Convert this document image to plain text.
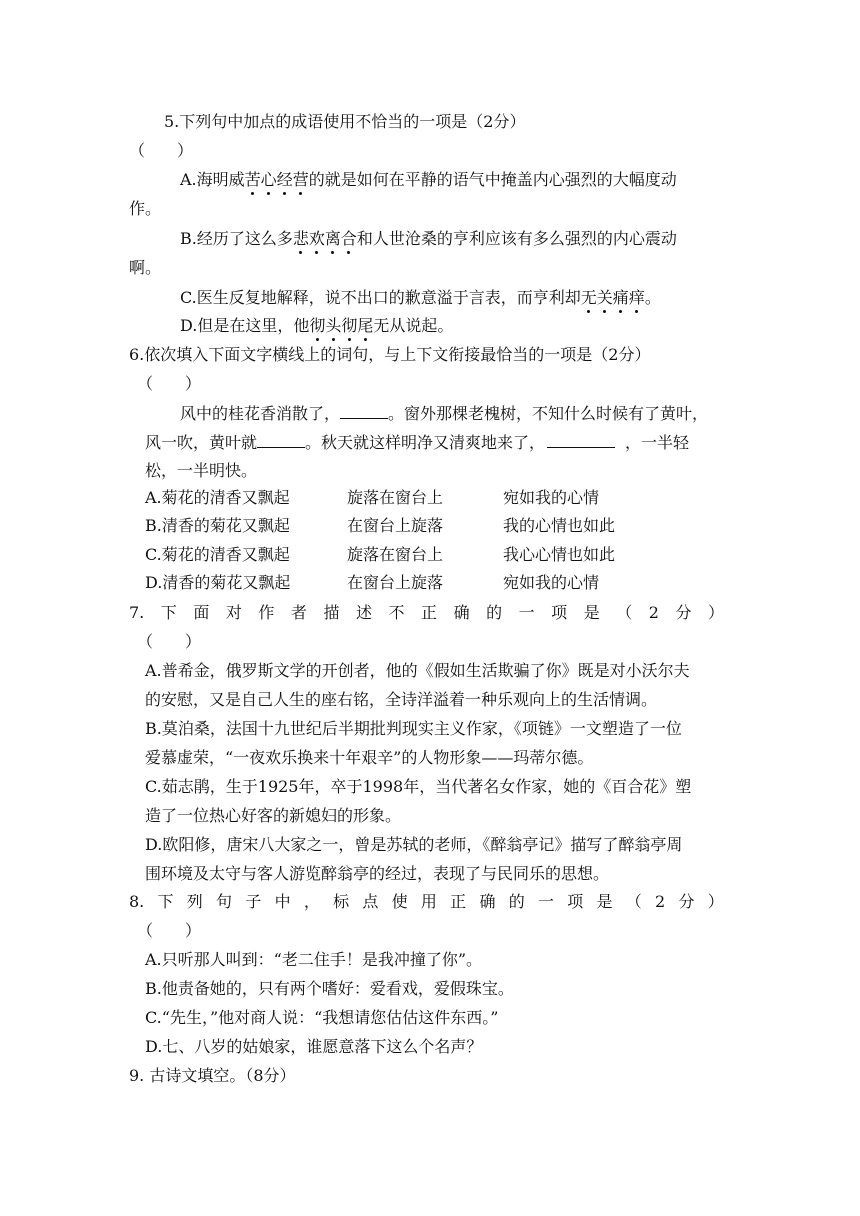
5.下列句中加点的成语使用不恰当的一项是（2分）
（　　）
A.海明威苦心经营的就是如何在平静的语气中掩盖内心强烈的大幅度动
作。
B.经历了这么多悲欢离合和人世沧桑的亨利应该有多么强烈的内心震动
啊。
C.医生反复地解释，说不出口的歉意溢于言表，而亨利却无关痛痒。
D.但是在这里，他彻头彻尾无从说起。
6.依次填入下面文字横线上的词句，与上下文衔接最恰当的一项是（2分）
（　　）
风中的桂花香消散了，	。窗外那棵老槐树，不知什么时候有了黄叶，
风一吹，黄叶就	。秋天就这样明净又清爽地来了，	，一半轻
松，一半明快。
A.菊花的清香又飘起	旋落在窗台上	宛如我的心情
B.清香的菊花又飘起	在窗台上旋落	我的心情也如此
C.菊花的清香又飘起	旋落在窗台上	我心心情也如此
D.清香的菊花又飘起	在窗台上旋落	宛如我的心情
7. 下 面 对 作 者 描 述 不 正 确 的 一 项 是 （ 2 分 ）
（　　）
A.普希金，俄罗斯文学的开创者，他的《假如生活欺骗了你》既是对小沃尔夫
的安慰，又是自己人生的座右铭，全诗洋溢着一种乐观向上的生活情调。
B.莫泊桑，法国十九世纪后半期批判现实主义作家，《项链》一文塑造了一位
爱慕虚荣，“一夜欢乐换来十年艰辛”的人物形象——玛蒂尔德。
C.茹志鹃，生于1925年，卒于1998年，当代著名女作家，她的《百合花》塑
造了一位热心好客的新媳妇的形象。
D.欧阳修，唐宋八大家之一，曾是苏轼的老师，《醉翁亭记》描写了醉翁亭周
围环境及太守与客人游览醉翁亭的经过，表现了与民同乐的思想。
8. 下 列 句 子 中 ， 标 点 使 用 正 确 的 一 项 是 （ 2 分 ）
（　　）
A.只听那人叫到：“老二住手！是我冲撞了你”。
B.他责备她的，只有两个嗜好：爱看戏，爱假珠宝。
C.“先生，”他对商人说：“我想请您估估这件东西。”
D.七、八岁的姑娘家，谁愿意落下这么个名声？
9. 古诗文填空。（8分）
